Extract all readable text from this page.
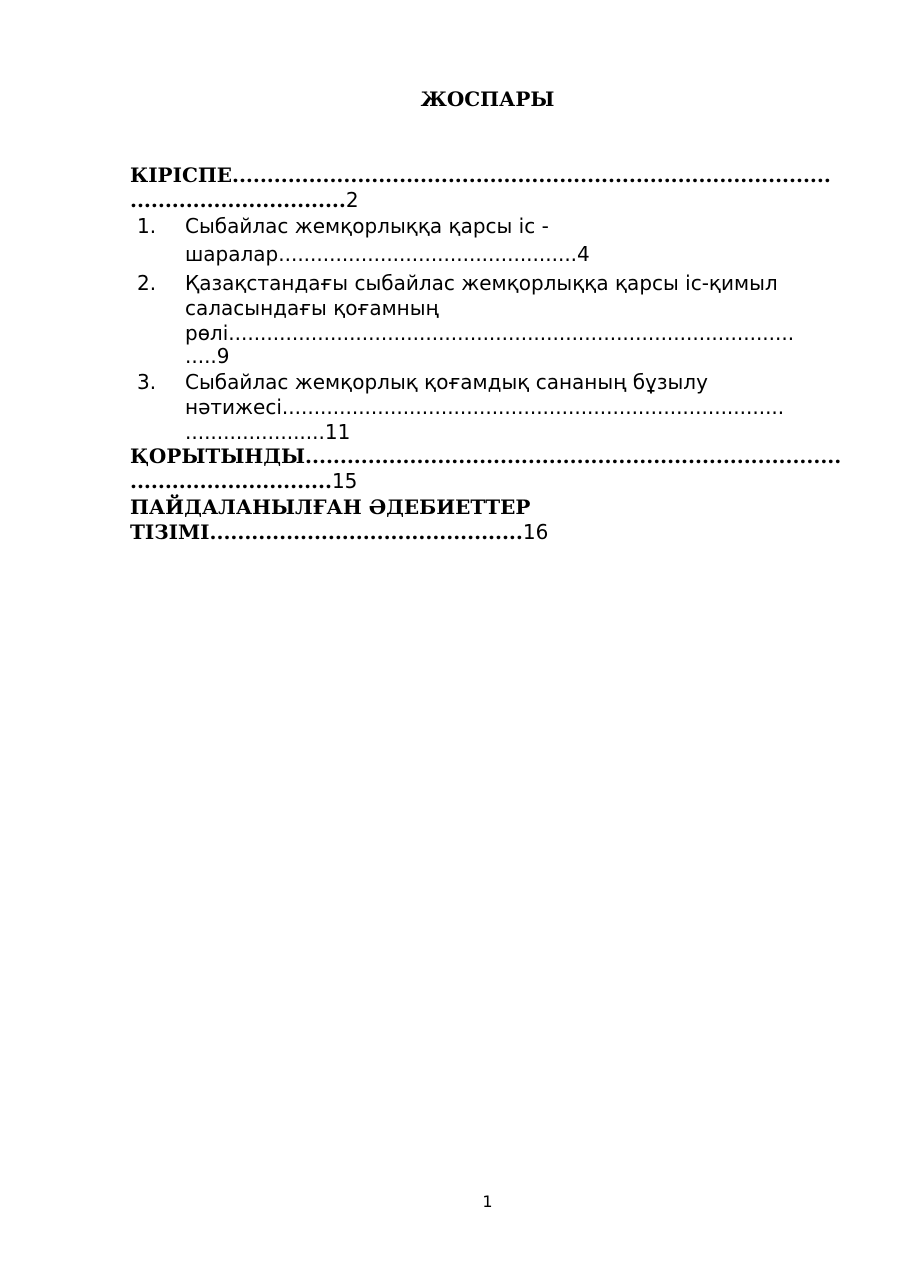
ЖОСПАРЫ
КІРІСПЕ......................................................................................
...............................2
1. Сыбайлас жемқорлыққа қарсы іс -
шаралар...............................................4
2. Қазақстандағы сыбайлас жемқорлыққа қарсы іс-қимыл
саласындағы қоғамның
рөлі.........................................................................................
.....9
3. Сыбайлас жемқорлық қоғамдық сананың бұзылу
нәтижесі...............................................................................
......................11
ҚОРЫТЫНДЫ.............................................................................
.............................15
ПАЙДАЛАНЫЛҒАН ӘДЕБИЕТТЕР
ТІЗІМІ.............................................16
1
